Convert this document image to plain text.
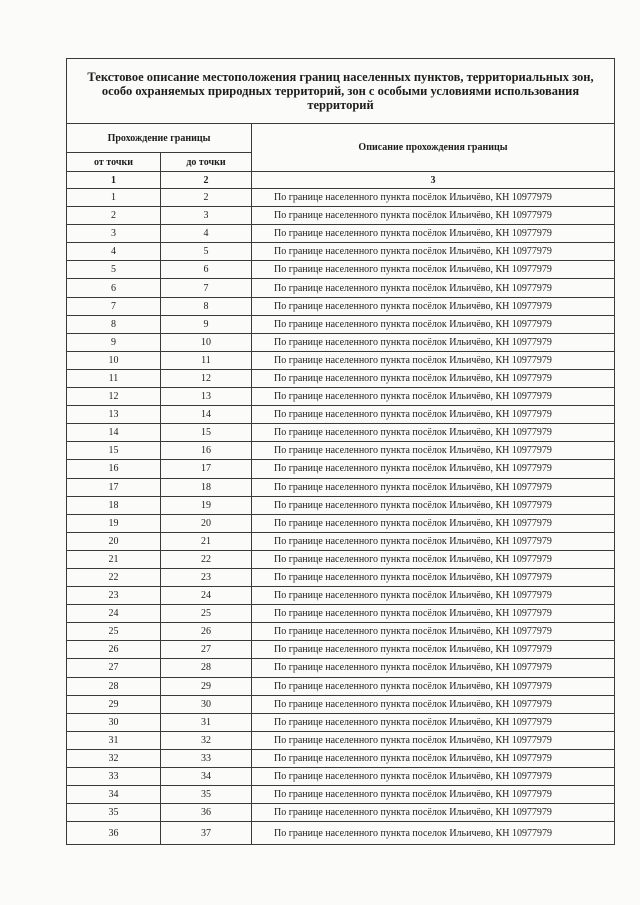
Текстовое описание местоположения границ населенных пунктов, территориальных зон, особо охраняемых природных территорий, зон с особыми условиями использования территорий		
Прохождение границы		Описание прохождения границы
от точки	до точки	
1	2	3
1	2	По границе населенного пункта посёлок Ильичёво, КН 10977979
2	3	По границе населенного пункта посёлок Ильичёво, КН 10977979
3	4	По границе населенного пункта посёлок Ильичёво, КН 10977979
4	5	По границе населенного пункта посёлок Ильичёво, КН 10977979
5	6	По границе населенного пункта посёлок Ильичёво, КН 10977979
6	7	По границе населенного пункта посёлок Ильичёво, КН 10977979
7	8	По границе населенного пункта посёлок Ильичёво, КН 10977979
8	9	По границе населенного пункта посёлок Ильичёво, КН 10977979
9	10	По границе населенного пункта посёлок Ильичёво, КН 10977979
10	11	По границе населенного пункта посёлок Ильичёво, КН 10977979
11	12	По границе населенного пункта посёлок Ильичёво, КН 10977979
12	13	По границе населенного пункта посёлок Ильичёво, КН 10977979
13	14	По границе населенного пункта посёлок Ильичёво, КН 10977979
14	15	По границе населенного пункта посёлок Ильичёво, КН 10977979
15	16	По границе населенного пункта посёлок Ильичёво, КН 10977979
16	17	По границе населенного пункта посёлок Ильичёво, КН 10977979
17	18	По границе населенного пункта посёлок Ильичёво, КН 10977979
18	19	По границе населенного пункта посёлок Ильичёво, КН 10977979
19	20	По границе населенного пункта посёлок Ильичёво, КН 10977979
20	21	По границе населенного пункта посёлок Ильичёво, КН 10977979
21	22	По границе населенного пункта посёлок Ильичёво, КН 10977979
22	23	По границе населенного пункта посёлок Ильичёво, КН 10977979
23	24	По границе населенного пункта посёлок Ильичёво, КН 10977979
24	25	По границе населенного пункта посёлок Ильичёво, КН 10977979
25	26	По границе населенного пункта посёлок Ильичёво, КН 10977979
26	27	По границе населенного пункта посёлок Ильичёво, КН 10977979
27	28	По границе населенного пункта посёлок Ильичёво, КН 10977979
28	29	По границе населенного пункта посёлок Ильичёво, КН 10977979
29	30	По границе населенного пункта посёлок Ильичёво, КН 10977979
30	31	По границе населенного пункта посёлок Ильичёво, КН 10977979
31	32	По границе населенного пункта посёлок Ильичёво, КН 10977979
32	33	По границе населенного пункта посёлок Ильичёво, КН 10977979
33	34	По границе населенного пункта посёлок Ильичёво, КН 10977979
34	35	По границе населенного пункта посёлок Ильичёво, КН 10977979
35	36	По границе населенного пункта посёлок Ильичёво, КН 10977979
36	37	По границе населенного пункта поселок Ильичево, КН 10977979
